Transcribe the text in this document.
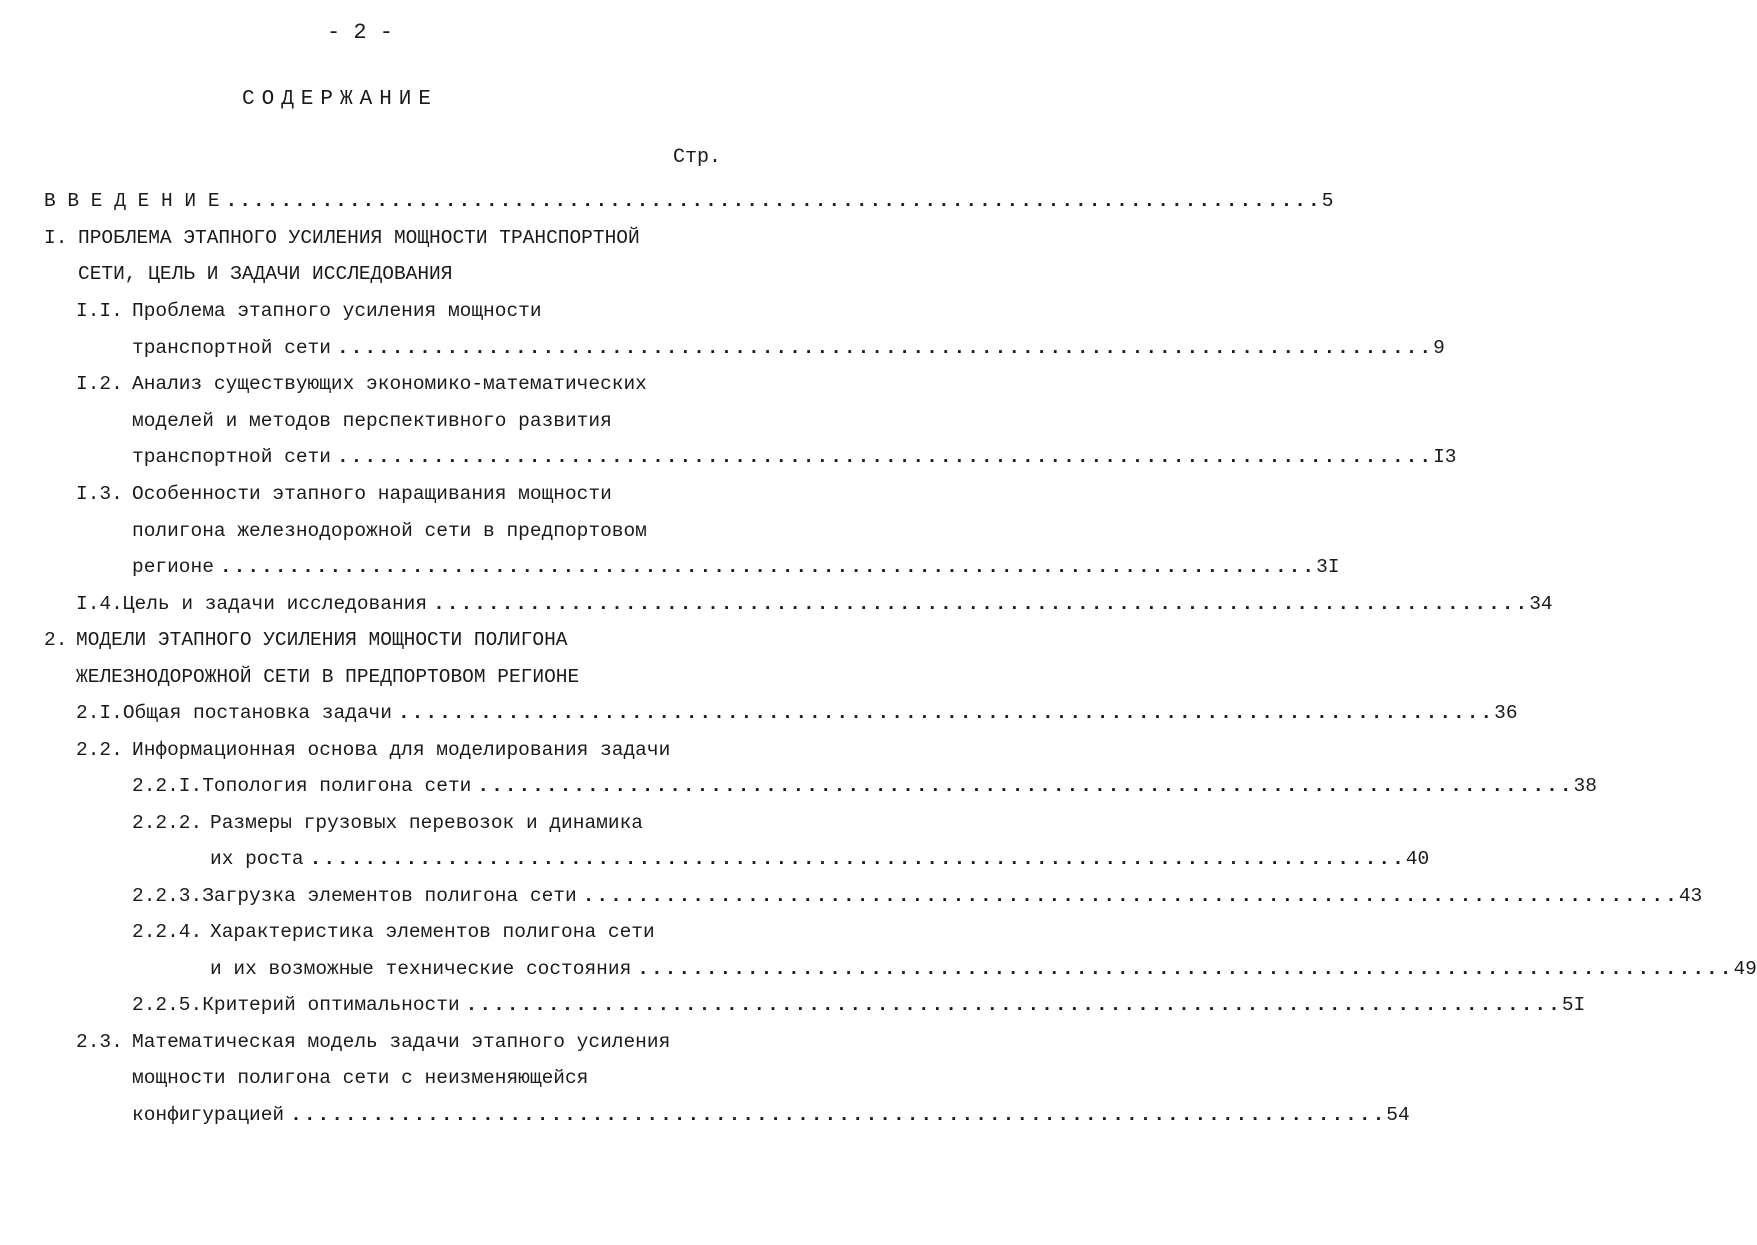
- 2 -
СОДЕРЖАНИЕ
Стр.
В В Е Д Е Н И Е ................................................................................ 5
I. ПРОБЛЕМА ЭТАПНОГО УСИЛЕНИЯ МОЩНОСТИ ТРАНСПОРТНОЙ
СЕТИ, ЦЕЛЬ И ЗАДАЧИ ИССЛЕДОВАНИЯ
I.I. Проблема этапного усиления мощности
транспортной сети ................................................................................ 9
I.2. Анализ существующих экономико-математических
моделей и методов перспективного развития
транспортной сети ................................................................................ I3
I.3. Особенности этапного наращивания мощности
полигона железнодорожной сети в предпортовом
регионе ................................................................................ 3I
I.4. Цель и задачи исследования ................................................................................ 34
2. МОДЕЛИ ЭТАПНОГО УСИЛЕНИЯ МОЩНОСТИ ПОЛИГОНА
ЖЕЛЕЗНОДОРОЖНОЙ СЕТИ В ПРЕДПОРТОВОМ РЕГИОНЕ
2.I. Общая постановка задачи ................................................................................ 36
2.2. Информационная основа для моделирования задачи
2.2.I. Топология полигона сети ................................................................................ 38
2.2.2. Размеры грузовых перевозок и динамика
их роста ................................................................................ 40
2.2.3. Загрузка элементов полигона сети ................................................................................ 43
2.2.4. Характеристика элементов полигона сети
и их возможные технические состояния ................................................................................ 49
2.2.5. Критерий оптимальности ................................................................................ 5I
2.3. Математическая модель задачи этапного усиления
мощности полигона сети с неизменяющейся
конфигурацией ................................................................................ 54
